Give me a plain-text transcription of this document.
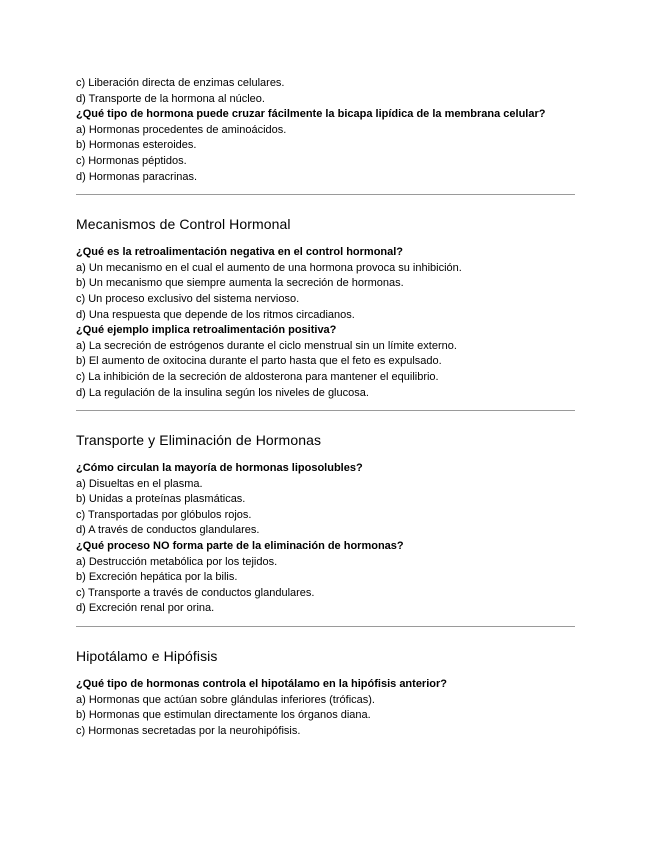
c) Liberación directa de enzimas celulares.

d) Transporte de la hormona al núcleo.

¿Qué tipo de hormona puede cruzar fácilmente la bicapa lipídica de la membrana celular?

a) Hormonas procedentes de aminoácidos.

b) Hormonas esteroides.

c) Hormonas péptidos.

d) Hormonas paracrinas.

Mecanismos de Control Hormonal

¿Qué es la retroalimentación negativa en el control hormonal?

a) Un mecanismo en el cual el aumento de una hormona provoca su inhibición.

b) Un mecanismo que siempre aumenta la secreción de hormonas.

c) Un proceso exclusivo del sistema nervioso.

d) Una respuesta que depende de los ritmos circadianos.

¿Qué ejemplo implica retroalimentación positiva?

a) La secreción de estrógenos durante el ciclo menstrual sin un límite externo.

b) El aumento de oxitocina durante el parto hasta que el feto es expulsado.

c) La inhibición de la secreción de aldosterona para mantener el equilibrio.

d) La regulación de la insulina según los niveles de glucosa.

Transporte y Eliminación de Hormonas

¿Cómo circulan la mayoría de hormonas liposolubles?

a) Disueltas en el plasma.

b) Unidas a proteínas plasmáticas.

c) Transportadas por glóbulos rojos.

d) A través de conductos glandulares.

¿Qué proceso NO forma parte de la eliminación de hormonas?

a) Destrucción metabólica por los tejidos.

b) Excreción hepática por la bilis.

c) Transporte a través de conductos glandulares.

d) Excreción renal por orina.

Hipotálamo e Hipófisis

¿Qué tipo de hormonas controla el hipotálamo en la hipófisis anterior?

a) Hormonas que actúan sobre glándulas inferiores (tróficas).

b) Hormonas que estimulan directamente los órganos diana.

c) Hormonas secretadas por la neurohipófisis.
